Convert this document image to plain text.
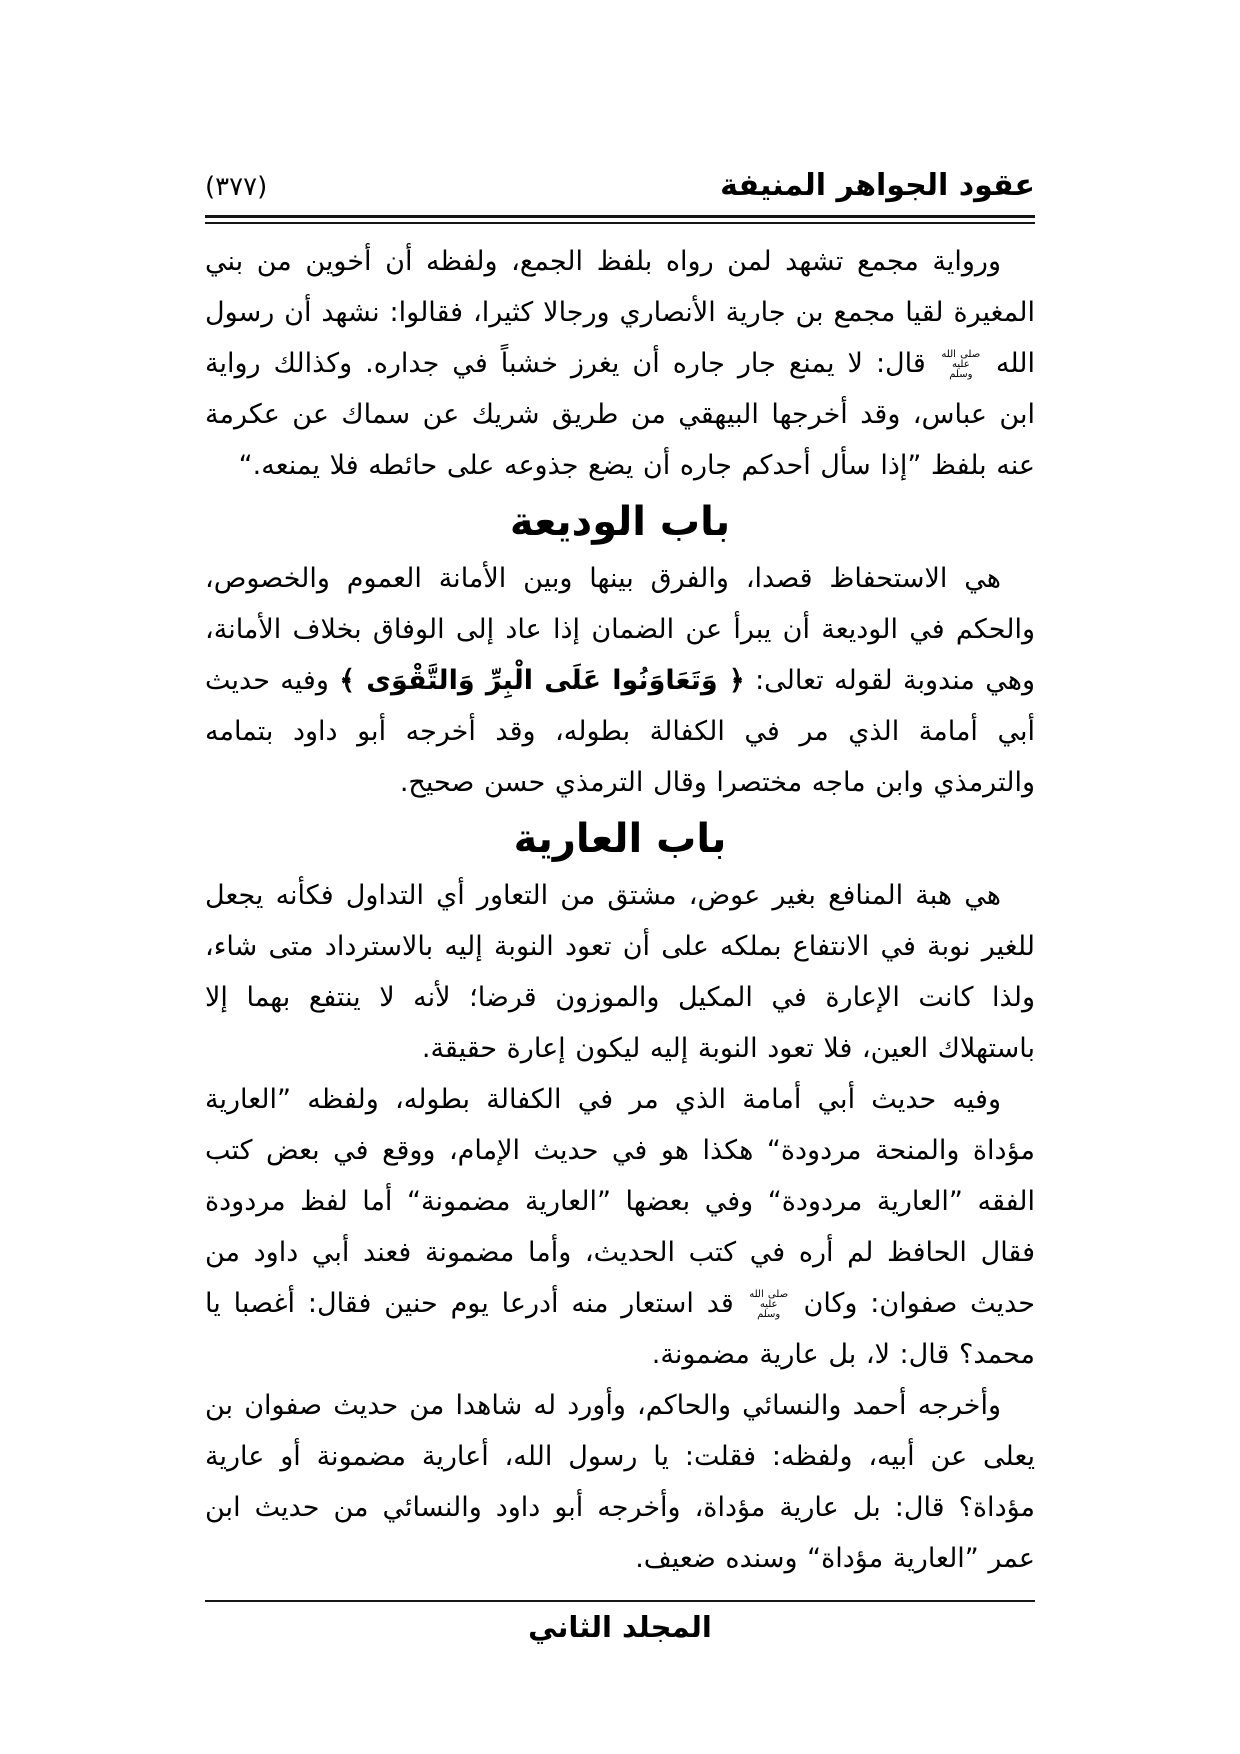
عقود الجواهر المنيفة
(٣٧٧)

ورواية مجمع تشهد لمن رواه بلفظ الجمع، ولفظه أن أخوين من بني المغيرة لقيا مجمع بن جارية الأنصاري ورجالا كثيرا، فقالوا: نشهد أن رسول الله صلى الله عليه وسلم قال: لا يمنع جار جاره أن يغرز خشباً في جداره. وكذالك رواية ابن عباس، وقد أخرجها البيهقي من طريق شريك عن سماك عن عكرمة عنه بلفظ ”إذا سأل أحدكم جاره أن يضع جذوعه على حائطه فلا يمنعه.“

باب الوديعة

هي الاستحفاظ قصدا، والفرق بينها وبين الأمانة العموم والخصوص، والحكم في الوديعة أن يبرأ عن الضمان إذا عاد إلى الوفاق بخلاف الأمانة، وهي مندوبة لقوله تعالى: ﴿ وَتَعَاوَنُوا عَلَى الْبِرِّ وَالتَّقْوَى ﴾ وفيه حديث أبي أمامة الذي مر في الكفالة بطوله، وقد أخرجه أبو داود بتمامه والترمذي وابن ماجه مختصرا وقال الترمذي حسن صحيح.

باب العارية

هي هبة المنافع بغير عوض، مشتق من التعاور أي التداول فكأنه يجعل للغير نوبة في الانتفاع بملكه على أن تعود النوبة إليه بالاسترداد متى شاء، ولذا كانت الإعارة في المكيل والموزون قرضا؛ لأنه لا ينتفع بهما إلا باستهلاك العين، فلا تعود النوبة إليه ليكون إعارة حقيقة.

وفيه حديث أبي أمامة الذي مر في الكفالة بطوله، ولفظه ”العارية مؤداة والمنحة مردودة“ هكذا هو في حديث الإمام، ووقع في بعض كتب الفقه ”العارية مردودة“ وفي بعضها ”العارية مضمونة“ أما لفظ مردودة فقال الحافظ لم أره في كتب الحديث، وأما مضمونة فعند أبي داود من حديث صفوان: وكان صلى الله عليه وسلم قد استعار منه أدرعا يوم حنين فقال: أغصبا يا محمد؟ قال: لا، بل عارية مضمونة.

وأخرجه أحمد والنسائي والحاكم، وأورد له شاهدا من حديث صفوان بن يعلى عن أبيه، ولفظه: فقلت: يا رسول الله، أعارية مضمونة أو عارية مؤداة؟ قال: بل عارية مؤداة، وأخرجه أبو داود والنسائي من حديث ابن عمر ”العارية مؤداة“ وسنده ضعيف.

المجلد الثاني
